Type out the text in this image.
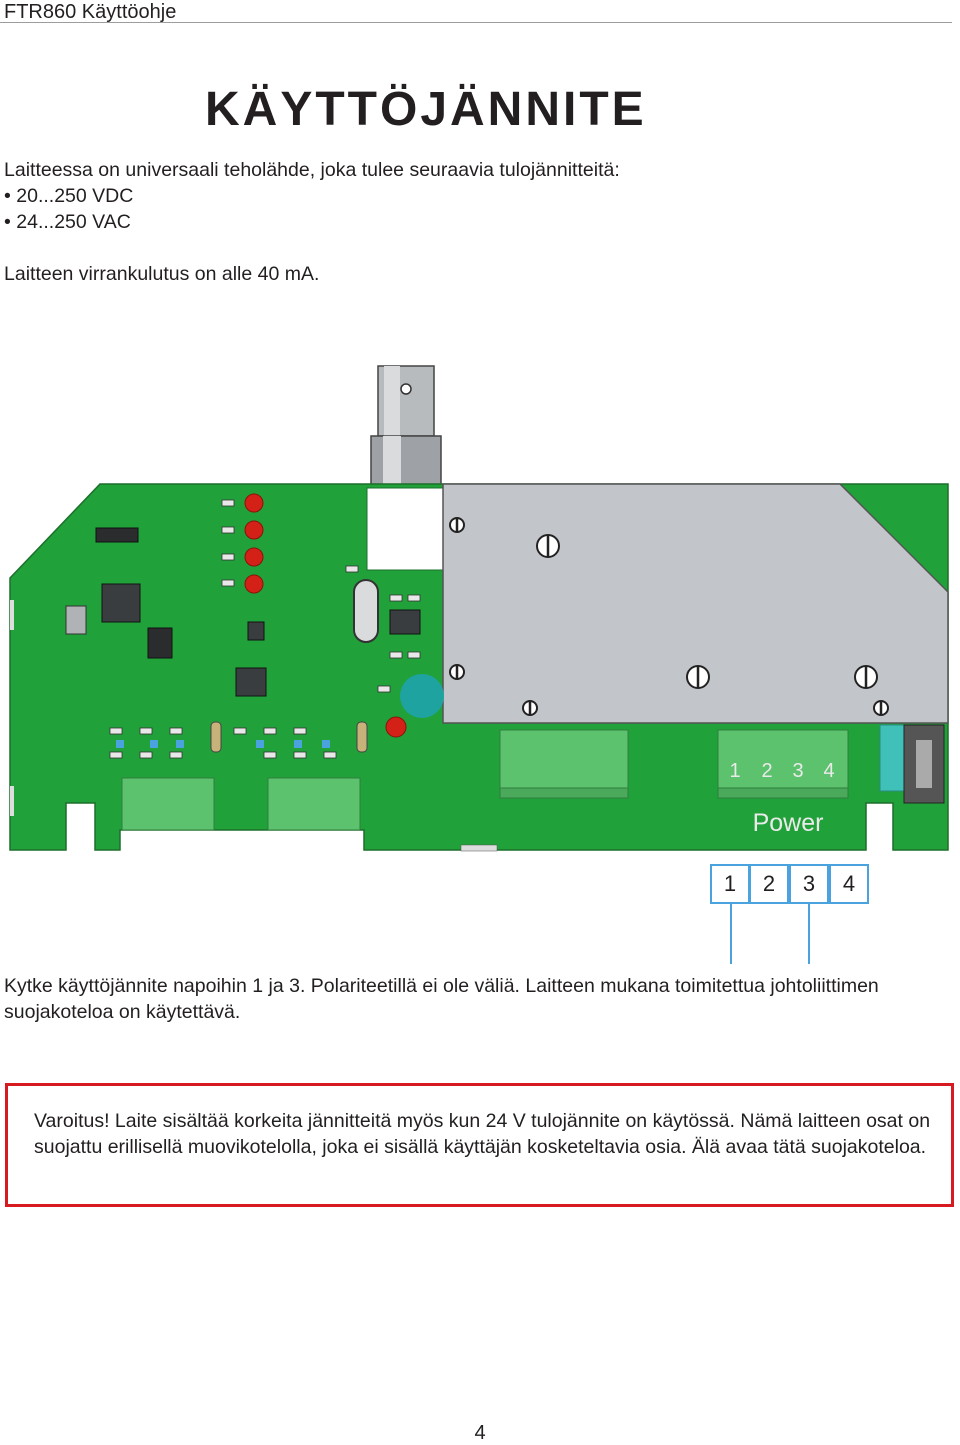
FTR860 Käyttöohje
KÄYTTÖJÄNNITE

Laitteessa on universaali teholähde, joka tulee seuraavia tulojännitteitä:

• 20...250 VDC
• 24...250 VAC

Laitteen virrankulutus on alle 40 mA.

1 2 3 4
Power
1	2	3	4

Kytke käyttöjännite napoihin 1 ja 3. Polariteetillä ei ole väliä. Laitteen mukana toimitettua johtoliittimen suojakoteloa on käytettävä.

Varoitus! Laite sisältää korkeita jännitteitä myös kun 24 V tulojännite on käytössä. Nämä laitteen osat on suojattu erillisellä muovikotelolla, joka ei sisällä käyttäjän kosketeltavia osia. Älä avaa tätä suojakoteloa.

4
